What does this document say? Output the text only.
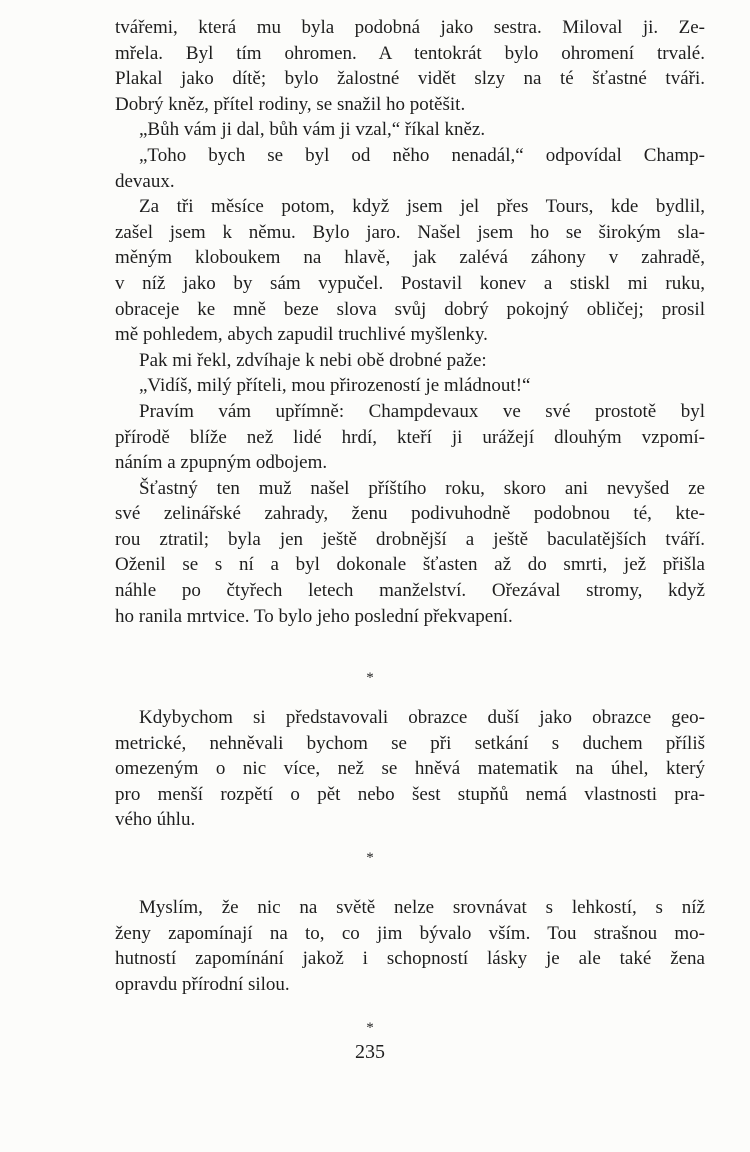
tvářemi, která mu byla podobná jako sestra. Miloval ji. Ze-
mřela. Byl tím ohromen. A tentokrát bylo ohromení trvalé.
Plakal jako dítě; bylo žalostné vidět slzy na té šťastné tváři.
Dobrý kněz, přítel rodiny, se snažil ho potěšit.
„Bůh vám ji dal, bůh vám ji vzal,“ říkal kněz.
„Toho bych se byl od něho nenadál,“ odpovídal Champ-
devaux.
Za tři měsíce potom, když jsem jel přes Tours, kde bydlil,
zašel jsem k němu. Bylo jaro. Našel jsem ho se širokým sla-
měným kloboukem na hlavě, jak zalévá záhony v zahradě,
v níž jako by sám vypučel. Postavil konev a stiskl mi ruku,
obraceje ke mně beze slova svůj dobrý pokojný obličej; prosil
mě pohledem, abych zapudil truchlivé myšlenky.
Pak mi řekl, zdvíhaje k nebi obě drobné paže:
„Vidíš, milý příteli, mou přirozeností je mládnout!“
Pravím vám upřímně: Champdevaux ve své prostotě byl
přírodě blíže než lidé hrdí, kteří ji urážejí dlouhým vzpomí-
náním a zpupným odbojem.
Šťastný ten muž našel příštího roku, skoro ani nevyšed ze
své zelinářské zahrady, ženu podivuhodně podobnou té, kte-
rou ztratil; byla jen ještě drobnější a ještě baculatějších tváří.
Oženil se s ní a byl dokonale šťasten až do smrti, jež přišla
náhle po čtyřech letech manželství. Ořezával stromy, když
ho ranila mrtvice. To bylo jeho poslední překvapení.
*
Kdybychom si představovali obrazce duší jako obrazce geo-
metrické, nehněvali bychom se při setkání s duchem příliš
omezeným o nic více, než se hněvá matematik na úhel, který
pro menší rozpětí o pět nebo šest stupňů nemá vlastnosti pra-
vého úhlu.
*
Myslím, že nic na světě nelze srovnávat s lehkostí, s níž
ženy zapomínají na to, co jim bývalo vším. Tou strašnou mo-
hutností zapomínání jakož i schopností lásky je ale také žena
opravdu přírodní silou.
*
235
